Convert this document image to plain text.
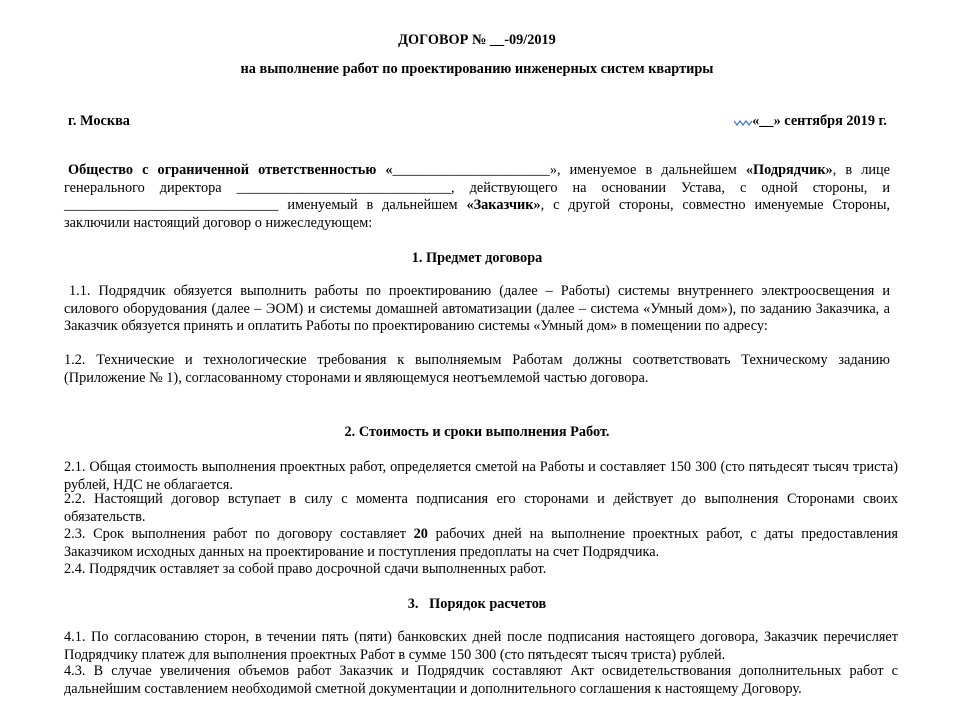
ДОГОВОР № __-09/2019
на выполнение работ по проектированию инженерных систем квартиры
г. Москва	«__» сентября 2019 г.
Общество с ограниченной ответственностью «______________________», именуемое в дальнейшем «Подрядчик», в лице генерального директора ______________________________, действующего на основании Устава, с одной стороны, и ______________________________ именуемый в дальнейшем «Заказчик», с другой стороны, совместно именуемые Стороны, заключили настоящий договор о нижеследующем:
1. Предмет договора
1.1. Подрядчик обязуется выполнить работы по проектированию (далее – Работы) системы внутреннего электроосвещения и силового оборудования (далее – ЭОМ) и системы домашней автоматизации (далее – система «Умный дом»), по заданию Заказчика, а Заказчик обязуется принять и оплатить Работы по проектированию системы «Умный дом» в помещении по адресу:
1.2. Технические и технологические требования к выполняемым Работам должны соответствовать Техническому заданию (Приложение № 1), согласованному сторонами и являющемуся неотъемлемой частью договора.
2. Стоимость и сроки выполнения Работ.
2.1. Общая стоимость выполнения проектных работ, определяется сметой на Работы и составляет 150 300 (сто пятьдесят тысяч триста) рублей, НДС не облагается.
2.2. Настоящий договор вступает в силу с момента подписания его сторонами и действует до выполнения Сторонами своих обязательств.
2.3. Срок выполнения работ по договору составляет 20 рабочих дней на выполнение проектных работ, с даты предоставления Заказчиком исходных данных на проектирование и поступления предоплаты на счет Подрядчика.
2.4. Подрядчик оставляет за собой право досрочной сдачи выполненных работ.
3.   Порядок расчетов
4.1. По согласованию сторон, в течении пять (пяти) банковских дней после подписания настоящего договора, Заказчик перечисляет Подрядчику платеж для выполнения проектных Работ в сумме 150 300 (сто пятьдесят тысяч триста) рублей.
4.3. В случае увеличения объемов работ Заказчик и Подрядчик составляют Акт освидетельствования дополнительных работ с дальнейшим составлением необходимой сметной документации и дополнительного соглашения к настоящему Договору.
